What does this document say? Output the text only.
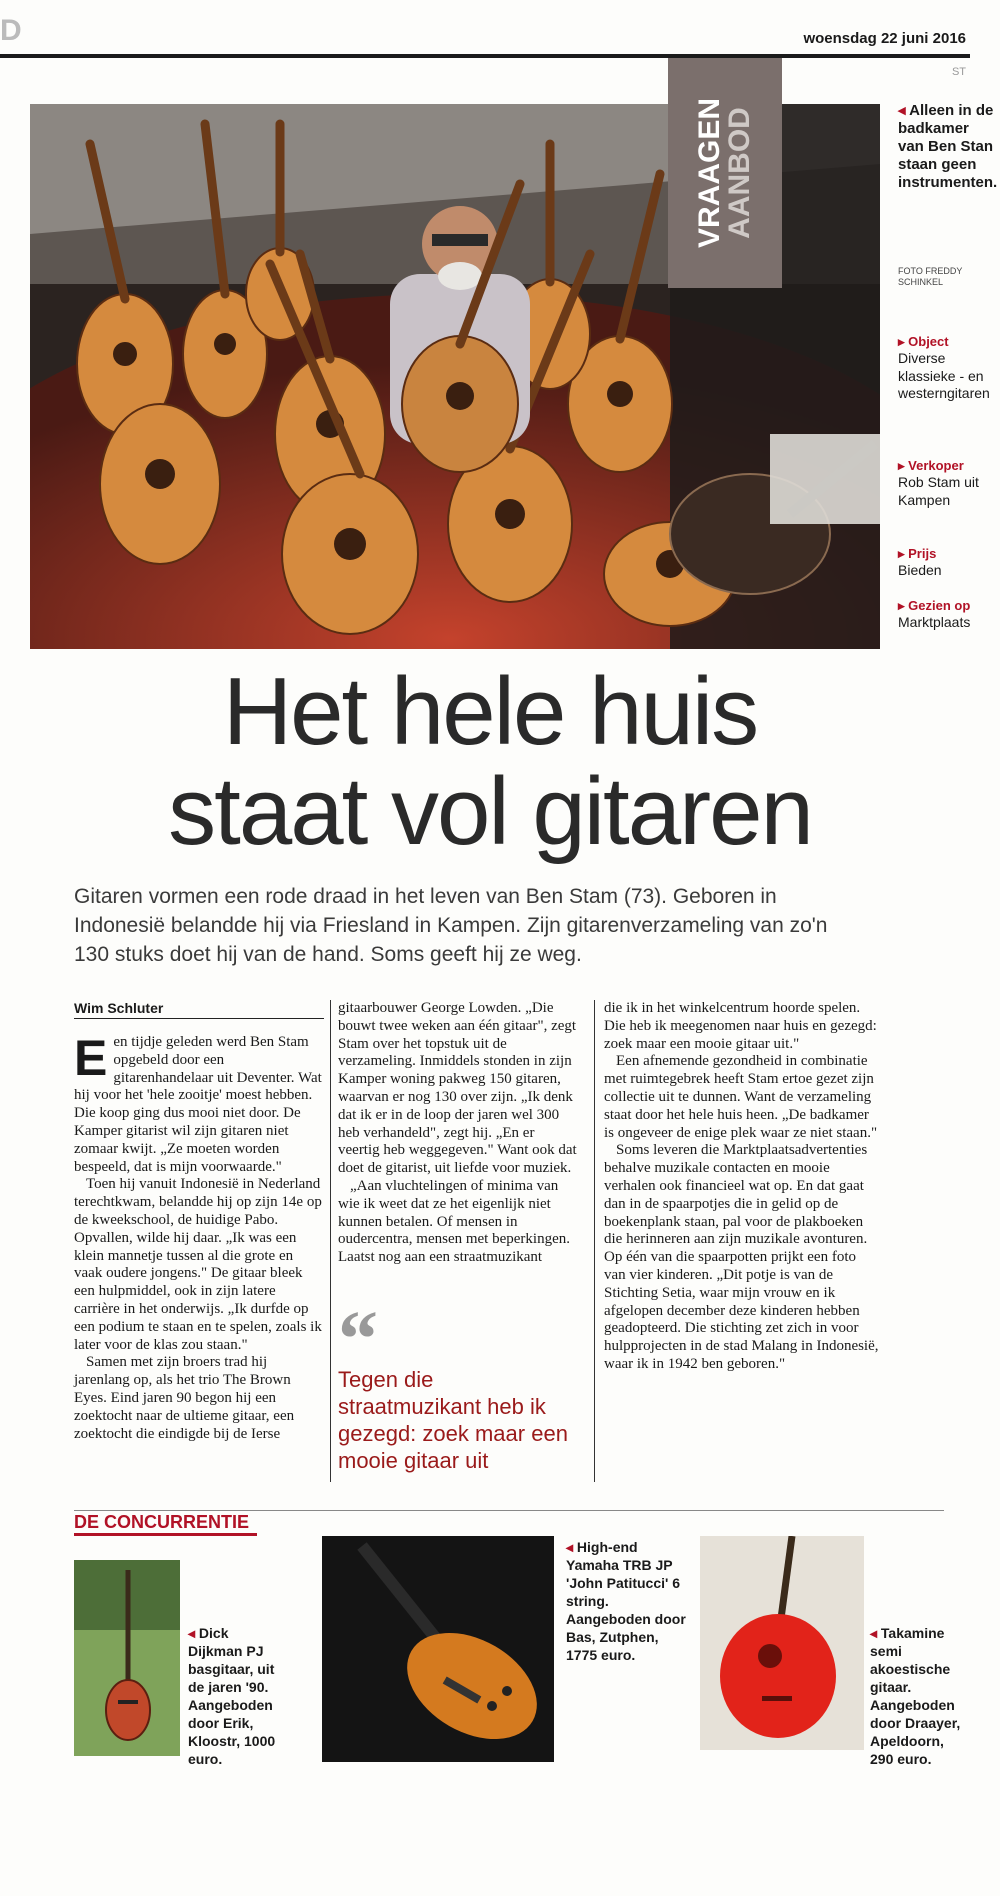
D	woensdag 22 juni 2016
ST
VRAAGEN
AANBOD	◂ Alleen in de badkamer van Ben Stan staan geen instrumenten.
FOTO FREDDY SCHINKEL
▸ Object
Diverse klassieke - en westerngitaren
▸ Verkoper
Rob Stam uit Kampen
▸ Prijs
Bieden
▸ Gezien op
Marktplaats
Het hele huis
staat vol gitaren
Gitaren vormen een rode draad in het leven van Ben Stam (73). Geboren in Indonesië belandde hij via Friesland in Kampen. Zijn gitarenverzameling van zo'n 130 stuks doet hij van de hand. Soms geeft hij ze weg.
Wim Schluter

Een tijdje geleden werd Ben Stam opgebeld door een gitarenhandelaar uit Deventer. Wat hij voor het 'hele zooitje' moest hebben. Die koop ging dus mooi niet door. De Kamper gitarist wil zijn gitaren niet zomaar kwijt. „Ze moeten worden bespeeld, dat is mijn voorwaarde."

Toen hij vanuit Indonesië in Nederland terechtkwam, belandde hij op zijn 14e op de kweekschool, de huidige Pabo. Opvallen, wilde hij daar. „Ik was een klein mannetje tussen al die grote en vaak oudere jongens." De gitaar bleek een hulpmiddel, ook in zijn latere carrière in het onderwijs. „Ik durfde op een podium te staan en te spelen, zoals ik later voor de klas zou staan."

Samen met zijn broers trad hij jarenlang op, als het trio The Brown Eyes. Eind jaren 90 begon hij een zoektocht naar de ultieme gitaar, een zoektocht die eindigde bij de Ierse

gitaarbouwer George Lowden. „Die bouwt twee weken aan één gitaar", zegt Stam over het topstuk uit de verzameling. Inmiddels stonden in zijn Kamper woning pakweg 150 gitaren, waarvan er nog 130 over zijn. „Ik denk dat ik er in de loop der jaren wel 300 heb verhandeld", zegt hij. „En er veertig heb weggegeven." Want ook dat doet de gitarist, uit liefde voor muziek.

„Aan vluchtelingen of minima van wie ik weet dat ze het eigenlijk niet kunnen betalen. Of mensen in oudercentra, mensen met beperkingen. Laatst nog aan een straatmuzikant

“
Tegen die straatmuzikant heb ik gezegd: zoek maar een mooie gitaar uit

die ik in het winkelcentrum hoorde spelen. Die heb ik meegenomen naar huis en gezegd: zoek maar een mooie gitaar uit."

Een afnemende gezondheid in combinatie met ruimtegebrek heeft Stam ertoe gezet zijn collectie uit te dunnen. Want de verzameling staat door het hele huis heen. „De badkamer is ongeveer de enige plek waar ze niet staan."

Soms leveren die Marktplaatsadvertenties behalve muzikale contacten en mooie verhalen ook financieel wat op. En dat gaat dan in de spaarpotjes die in gelid op de boekenplank staan, pal voor de plakboeken die herinneren aan zijn muzikale avonturen. Op één van die spaarpotten prijkt een foto van vier kinderen. „Dit potje is van de Stichting Setia, waar mijn vrouw en ik afgelopen december deze kinderen hebben geadopteerd. Die stichting zet zich in voor hulpprojecten in de stad Malang in Indonesië, waar ik in 1942 ben geboren."

DE CONCURRENTIE
◂ Dick Dijkman PJ basgitaar, uit de jaren '90. Aangeboden door Erik, Kloostr, 1000 euro.
◂ High-end Yamaha TRB JP 'John Patitucci' 6 string. Aangeboden door Bas, Zutphen, 1775 euro.
◂ Takamine semi akoestische gitaar. Aangeboden door Draayer, Apeldoorn, 290 euro.
